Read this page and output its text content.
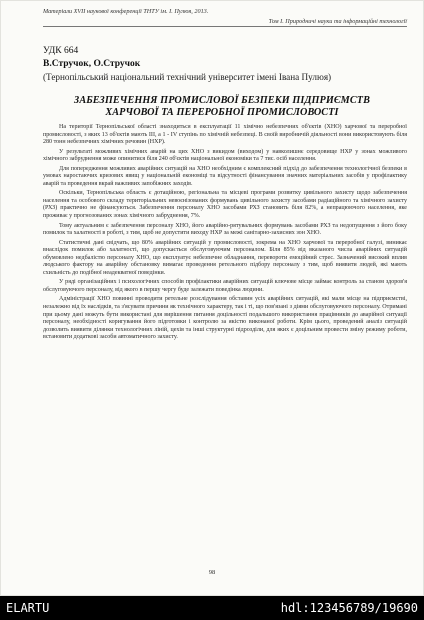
Матеріали XVII наукової конференції ТНТУ ім. І. Пулюя, 2013.
Том I. Природничі науки та інформаційні технології
УДК 664
В.Стручок, О.Стручок
(Тернопільський національний технічний університет імені Івана Пулюя)
ЗАБЕЗПЕЧЕННЯ ПРОМИСЛОВОЇ БЕЗПЕКИ ПІДПРИЄМСТВ ХАРЧОВОЇ ТА ПЕРЕРОБНОЇ ПРОМИСЛОВОСТІ

На території Тернопільської області знаходиться в експлуатації 11 хімічно небезпечних об'єктів (ХНО) харчової та переробної промисловості, з яких 13 об'єктів мають III, а 1 - IV ступінь по хімічній небезпеці. В своїй виробничій діяльності вони використовують біля 280 тонн небезпечних хімічних речовин (НХР).

У результаті можливих хімічних аварій на цих ХНО з викидом (виходом) у навколишнє середовище НХР у зонах можливого хімічного забруднення може опинитися біля 240 об'єктів національної економіки та 7 тис. осіб населення.

Для попередження можливих аварійних ситуацій на ХНО необхідним є комплексний підхід до забезпечення технологічної безпеки в умовах наростаючих кризових явищ у національній економіці та відсутності фінансування значних матеріальних засобів у профілактику аварій та проведення вкрай важливих запобіжних заходів.

Оскільки, Тернопільська область є дотаційною, регіональна та місцеві програми розвитку цивільного захисту щодо забезпечення населення та особового складу територіальних невоєнізованих формувань цивільного захисту засобами радіаційного та хімічного захисту (РХЗ) практично не фінансуються. Забезпечення персоналу ХНО засобами РХЗ становить біля 82%, а непрацюючого населення, яке проживає у прогнозованих зонах хімічного забруднення, 7%.

Тому актуальним є забезпечення персоналу ХНО, його аварійно-рятувальних формувань засобами РХЗ та недопущення з його боку помилок та халатності в роботі, з тим, щоб не допустити виходу НХР за межі санітарно-захисних зон ХНО.

Статистичні дані свідчать, що 80% аварійних ситуацій у промисловості, зокрема на ХНО харчової та переробної галузі, виникає внаслідок помилок або халатності, що допускається обслуговуючим персоналом. Біля 85% від вказаного числа аварійних ситуацій обумовлено недбалістю персоналу ХНО, що експлуатує небезпечне обладнання, перевороти емоційний стрес. Зазначений високий вплив людського фактору на аварійну обстановку вимагає проведення ретельного підбору персоналу з тим, щоб виявити людей, які мають схильність до подібної неадекватної поведінки.

У ряді організаційних і психологічних способів профілактики аварійних ситуацій ключове місце займає контроль за станом здоров'я обслуговуючого персоналу, від якого в першу чергу буде залежати поведінка людини.

Адміністрації ХНО повинні проводити ретельне розслідування обставин усіх аварійних ситуацій, які мали місце на підприємстві, незалежно від їх наслідків, та з'ясувати причини як технічного характеру, так і ті, що пов'язані з діями обслуговуючого персоналу. Отримані при цьому дані можуть бути використані для вирішення питання доцільності подальшого використання працівників до аварійної ситуації персоналу, необхідності коригування його підготовки і контролю за якістю виконаної роботи. Крім цього, проведений аналіз ситуацій дозволить виявити ділянки технологічних ліній, цехів та інші структурні підрозділи, для яких є доцільним провести зміну режиму роботи, встановити додаткові засоби автоматичного захисту.

98
ELARTU	hdl:123456789/19690
